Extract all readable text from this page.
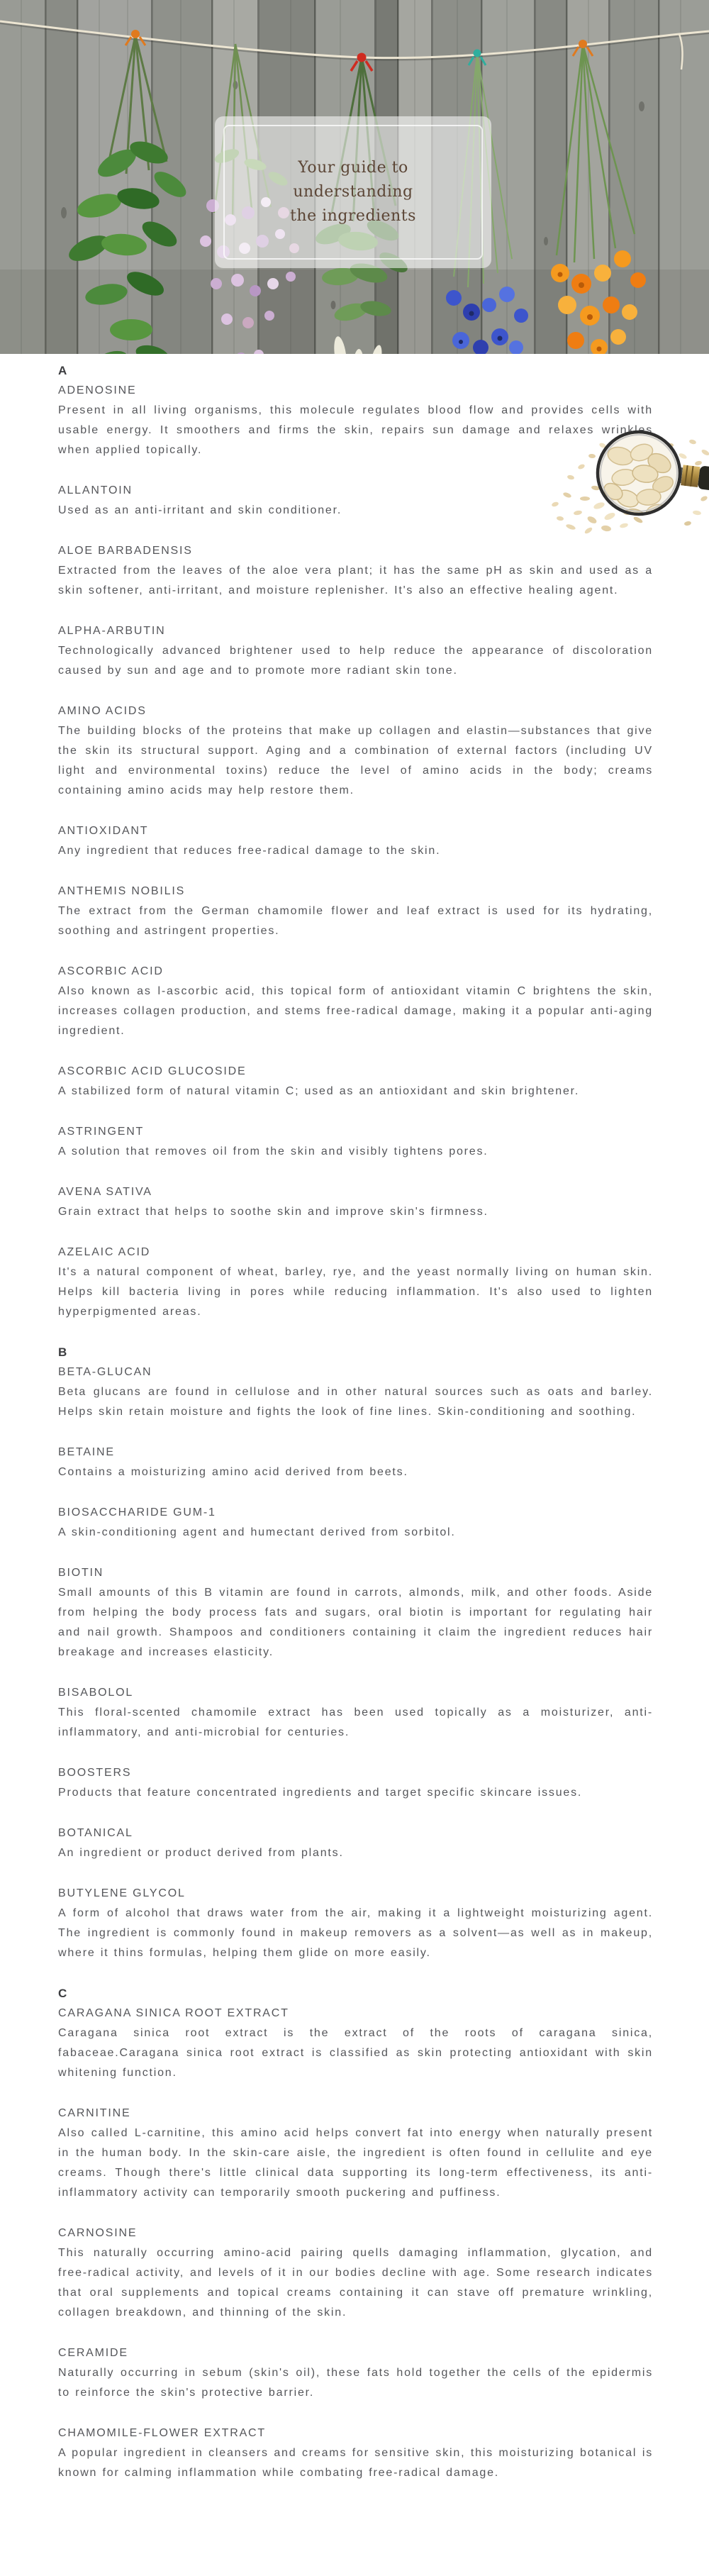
Your guide to
understanding
the ingredients
A
ADENOSINE

Present in all living organisms, this molecule regulates blood flow and provides cells with usable energy. It smoothers and firms the skin, repairs sun damage and relaxes wrinkles when applied topically.

ALLANTOIN

Used as an anti-irritant and skin conditioner.

ALOE BARBADENSIS

Extracted from the leaves of the aloe vera plant; it has the same pH as skin and used as a skin softener, anti-irritant, and moisture replenisher. It's also an effective healing agent.

ALPHA-ARBUTIN

Technologically advanced brightener used to help reduce the appearance of discoloration caused by sun and age and to promote more radiant skin tone.

AMINO ACIDS

The building blocks of the proteins that make up collagen and elastin—substances that give the skin its structural support. Aging and a combination of external factors (including UV light and environmental toxins) reduce the level of amino acids in the body; creams containing amino acids may help restore them.

ANTIOXIDANT

Any ingredient that reduces free-radical damage to the skin.

ANTHEMIS NOBILIS

The extract from the German chamomile flower and leaf extract is used for its hydrating, soothing and astringent properties.

ASCORBIC ACID

Also known as l-ascorbic acid, this topical form of antioxidant vitamin C brightens the skin, increases collagen production, and stems free-radical damage, making it a popular anti-aging ingredient.

ASCORBIC ACID GLUCOSIDE

A stabilized form of natural vitamin C; used as an antioxidant and skin brightener.

ASTRINGENT

A solution that removes oil from the skin and visibly tightens pores.

AVENA SATIVA

Grain extract that helps to soothe skin and improve skin's firmness.

AZELAIC ACID

It's a natural component of wheat, barley, rye, and the yeast normally living on human skin. Helps kill bacteria living in pores while reducing inflammation. It's also used to lighten hyperpigmented areas.

B
BETA-GLUCAN

Beta glucans are found in cellulose and in other natural sources such as oats and barley. Helps skin retain moisture and fights the look of fine lines. Skin-conditioning and soothing.

BETAINE

Contains a moisturizing amino acid derived from beets.

BIOSACCHARIDE GUM-1

A skin-conditioning agent and humectant derived from sorbitol.

BIOTIN

Small amounts of this B vitamin are found in carrots, almonds, milk, and other foods. Aside from helping the body process fats and sugars, oral biotin is important for regulating hair and nail growth. Shampoos and conditioners containing it claim the ingredient reduces hair breakage and increases elasticity.

BISABOLOL

This floral-scented chamomile extract has been used topically as a moisturizer, anti-inflammatory, and anti-microbial for centuries.

BOOSTERS

Products that feature concentrated ingredients and target specific skincare issues.

BOTANICAL

An ingredient or product derived from plants.

BUTYLENE GLYCOL

A form of alcohol that draws water from the air, making it a lightweight moisturizing agent. The ingredient is commonly found in makeup removers as a solvent—as well as in makeup, where it thins formulas, helping them glide on more easily.

C
CARAGANA SINICA ROOT EXTRACT

Caragana sinica root extract is the extract of the roots of caragana sinica, fabaceae.Caragana sinica root extract is classified as skin protecting antioxidant with skin whitening function.

CARNITINE

Also called L-carnitine, this amino acid helps convert fat into energy when naturally present in the human body. In the skin-care aisle, the ingredient is often found in cellulite and eye creams. Though there's little clinical data supporting its long-term effectiveness, its anti-inflammatory activity can temporarily smooth puckering and puffiness.

CARNOSINE

This naturally occurring amino-acid pairing quells damaging inflammation, glycation, and free-radical activity, and levels of it in our bodies decline with age. Some research indicates that oral supplements and topical creams containing it can stave off premature wrinkling, collagen breakdown, and thinning of the skin.

CERAMIDE

Naturally occurring in sebum (skin's oil), these fats hold together the cells of the epidermis to reinforce the skin's protective barrier.

CHAMOMILE-FLOWER EXTRACT

A popular ingredient in cleansers and creams for sensitive skin, this moisturizing botanical is known for calming inflammation while combating free-radical damage.
